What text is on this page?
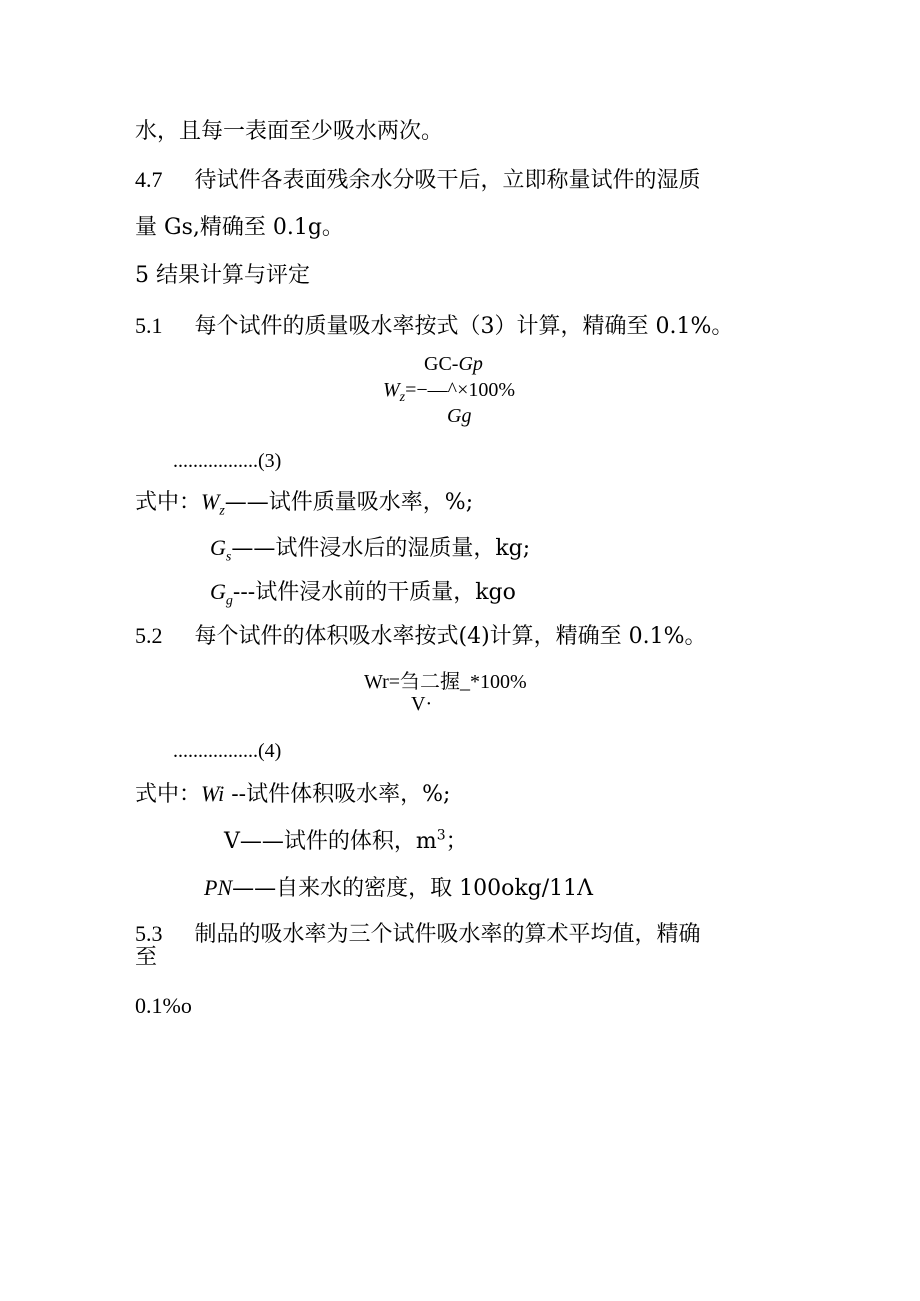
水，且每一表面至少吸水两次。
4.7 待试件各表面残余水分吸干后，立即称量试件的湿质
量 Gs,精确至 0.1g。
5 结果计算与评定
5.1 每个试件的质量吸水率按式（3）计算，精确至 0.1%。
GC-Gp
$W_z=-—\^{}\times 100\%$
Gg
.................(3)
式中：$W_z——$试件质量吸水率，%;
$G_s——$试件浸水后的湿质量，kg;
$G_g---$试件浸水前的干质量，kgo
5.2 每个试件的体积吸水率按式(4)计算，精确至 0.1%。
Wr=刍二握_*100%
V·
.................(4)
式中：Wi --试件体积吸水率，%;
V——试件的体积，$m^3$；
PN——自来水的密度，取 100okg/11Λ
5.3 制品的吸水率为三个试件吸水率的算术平均值，精确
至
0.1%o
